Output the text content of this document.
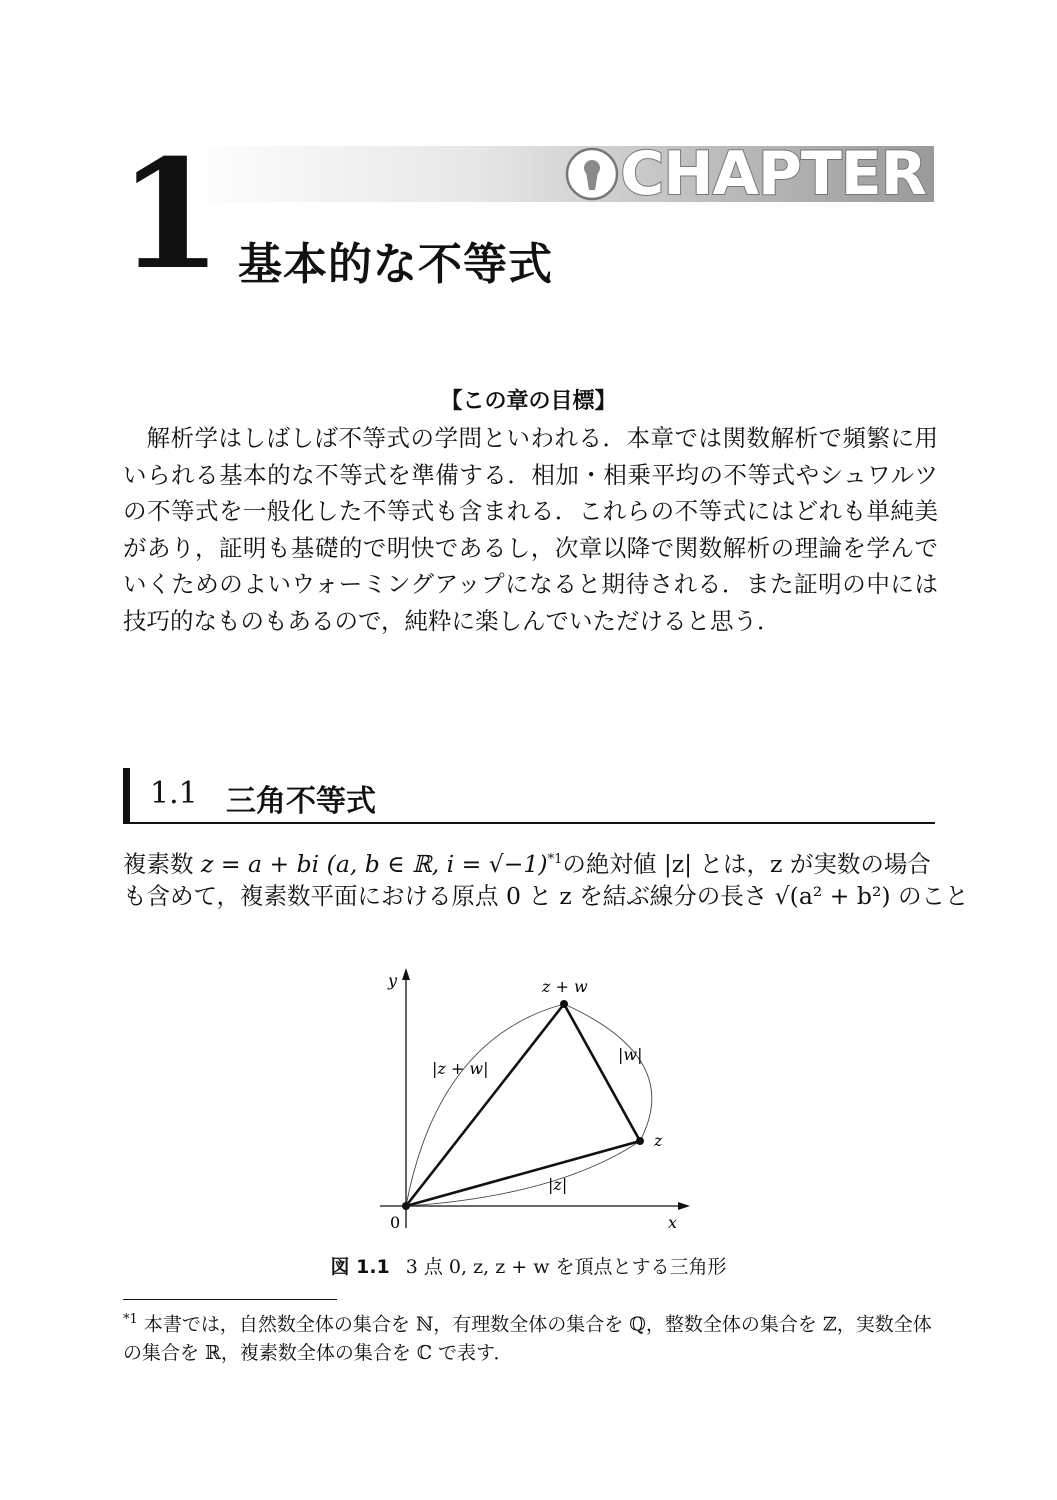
CHAPTER
1 基本的な不等式
【この章の目標】

解析学はしばしば不等式の学問といわれる．本章では関数解析で頻繁に用いられる基本的な不等式を準備する．相加・相乗平均の不等式やシュワルツの不等式を一般化した不等式も含まれる．これらの不等式にはどれも単純美があり，証明も基礎的で明快であるし，次章以降で関数解析の理論を学んでいくためのよいウォーミングアップになると期待される．また証明の中には技巧的なものもあるので，純粋に楽しんでいただけると思う．

1.1 三角不等式
複素数 z = a + bi (a, b ∈ ℝ, i = √−1)$^{*1}$の絶対値 |z| とは，z が実数の場合
も含めて，複素数平面における原点 0 と z を結ぶ線分の長さ √(a² + b²) のこと
y
x
0
z
z + w
|z|
|w|
|z + w|
図 1.1 3 点 0, z, z + w を頂点とする三角形
$^{*1}$ 本書では，自然数全体の集合を ℕ，有理数全体の集合を ℚ，整数全体の集合を ℤ，実数全体の集合を ℝ，複素数全体の集合を ℂ で表す．
